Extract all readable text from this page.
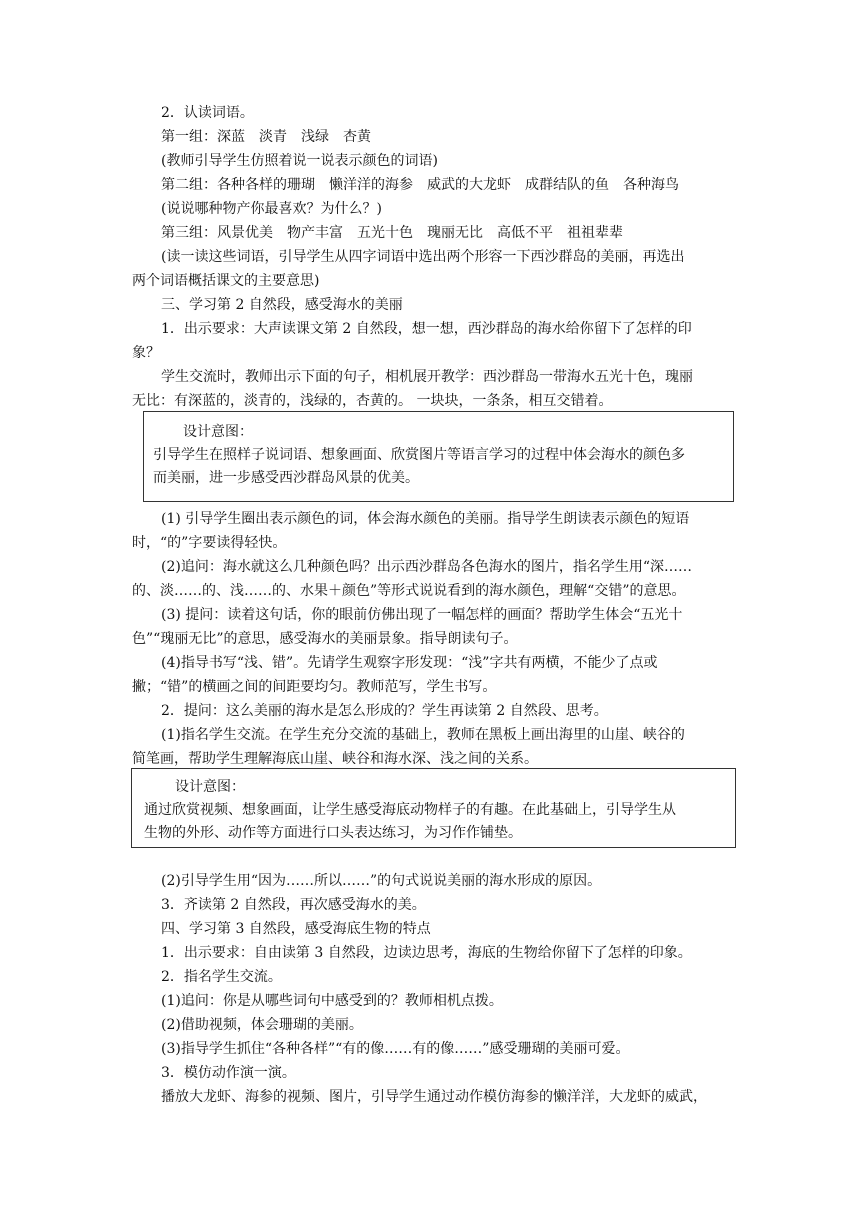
2．认读词语。

第一组：深蓝　淡青　浅绿　杏黄

(教师引导学生仿照着说一说表示颜色的词语)

第二组：各种各样的珊瑚　懒洋洋的海参　威武的大龙虾　成群结队的鱼　各种海鸟

(说说哪种物产你最喜欢？为什么？)

第三组：风景优美　物产丰富　五光十色　瑰丽无比　高低不平　祖祖辈辈

(读一读这些词语，引导学生从四字词语中选出两个形容一下西沙群岛的美丽，再选出

两个词语概括课文的主要意思)

三、学习第 2 自然段，感受海水的美丽

1．出示要求：大声读课文第 2 自然段，想一想，西沙群岛的海水给你留下了怎样的印

象？

学生交流时，教师出示下面的句子，相机展开教学：西沙群岛一带海水五光十色，瑰丽

无比：有深蓝的，淡青的，浅绿的，杏黄的。 一块块，一条条，相互交错着。

设计意图：

引导学生在照样子说词语、想象画面、欣赏图片等语言学习的过程中体会海水的颜色多

而美丽，进一步感受西沙群岛风景的优美。

(1) 引导学生圈出表示颜色的词，体会海水颜色的美丽。指导学生朗读表示颜色的短语

时，“的”字要读得轻快。

(2)追问：海水就这么几种颜色吗？出示西沙群岛各色海水的图片，指名学生用“深……

的、淡……的、浅……的、水果＋颜色”等形式说说看到的海水颜色，理解“交错”的意思。

(3) 提问：读着这句话，你的眼前仿佛出现了一幅怎样的画面？帮助学生体会“五光十

色”“瑰丽无比”的意思，感受海水的美丽景象。指导朗读句子。

(4)指导书写“浅、错”。先请学生观察字形发现：“浅”字共有两横，不能少了点或

撇；“错”的横画之间的间距要均匀。教师范写，学生书写。

2．提问：这么美丽的海水是怎么形成的？学生再读第 2 自然段、思考。

(1)指名学生交流。在学生充分交流的基础上，教师在黑板上画出海里的山崖、峡谷的

简笔画，帮助学生理解海底山崖、峡谷和海水深、浅之间的关系。

设计意图：

通过欣赏视频、想象画面，让学生感受海底动物样子的有趣。在此基础上，引导学生从

生物的外形、动作等方面进行口头表达练习，为习作作铺垫。

(2)引导学生用“因为……所以……”的句式说说美丽的海水形成的原因。

3．齐读第 2 自然段，再次感受海水的美。

四、学习第 3 自然段，感受海底生物的特点

1．出示要求：自由读第 3 自然段，边读边思考，海底的生物给你留下了怎样的印象。

2．指名学生交流。

(1)追问：你是从哪些词句中感受到的？教师相机点拨。

(2)借助视频，体会珊瑚的美丽。

(3)指导学生抓住“各种各样”“有的像……有的像……”感受珊瑚的美丽可爱。

3．模仿动作演一演。

播放大龙虾、海参的视频、图片，引导学生通过动作模仿海参的懒洋洋，大龙虾的威武，
